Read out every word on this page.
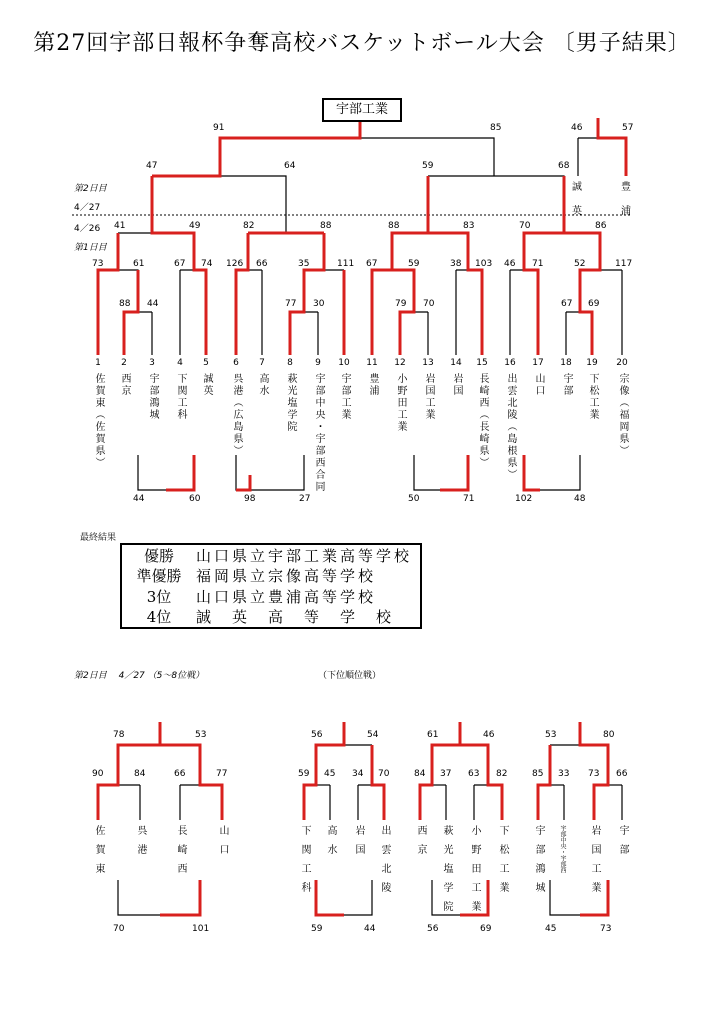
第27回宇部日報杯争奪高校バスケットボール大会 〔男子結果〕
宇部工業
第2日目
4／27
4／26
第1日目
91	85	46	57
47	64	59	68
41	49	82	88	88	83	70	86
73	61	67 74 126 66	35	111 67	59	38 103 46 71	52	117
88 44	77 30	79 70	67 69
誠
英
豊
浦
1
佐賀東（佐賀県）
2
西京
3
宇部鴻城
4
下関工科
5
誠英
6
呉港（広島県）
7
高水
8
萩光塩学院
9
宇部中央・宇部西合同
10
宇部工業
11
豊浦
12
小野田工業
13
岩国工業
14
岩国
15
長崎西（長崎県）
16
出雲北陵（島根県）
17
山口
18
宇部
19
下松工業
20
宗像（福岡県）
44	60	98	27	50	71	102	48
最終結果
優勝	山口県立宇部工業高等学校
準優勝 福岡県立宗像高等学校
3位	山口県立豊浦高等学校
4位	誠　英　高　等　学　校
第2日目　 4／27 （5～8位戦）	（下位順位戦）
78	53
90
佐賀東
84
呉港
66
長崎西
77
山口
70	101
56	54
59
下関工科
45
高水
34
岩国
70
出雲北陵
59	44
61	46
84
西京
37
萩光塩学院
63
小野田工業
82
下松工業
56	69
53	80
85
宇部鴻城
33
宇部中央・宇部西
73
岩国工業
66
宇部
45	73
